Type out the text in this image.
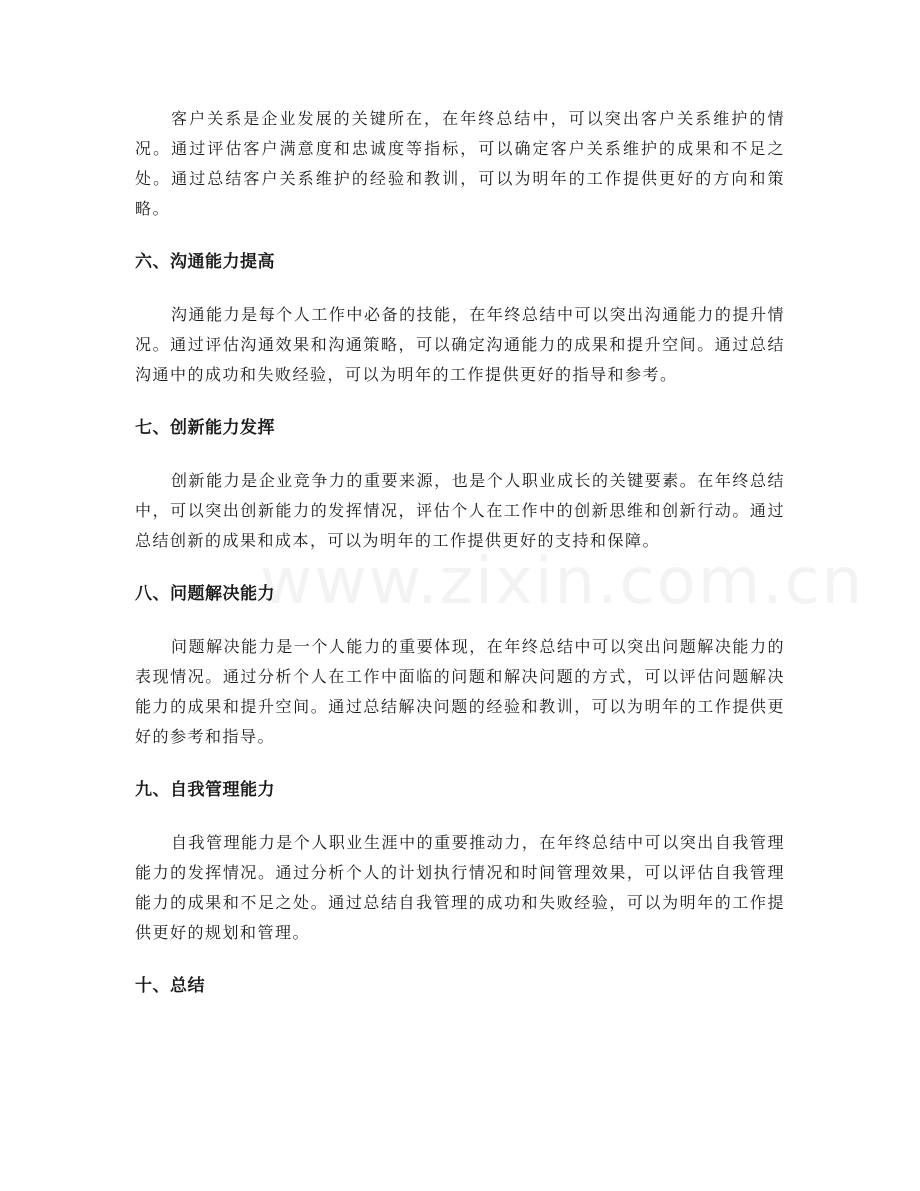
客户关系是企业发展的关键所在，在年终总结中，可以突出客户关系维护的情况。通过评估客户满意度和忠诚度等指标，可以确定客户关系维护的成果和不足之处。通过总结客户关系维护的经验和教训，可以为明年的工作提供更好的方向和策略。

六、沟通能力提高

沟通能力是每个人工作中必备的技能，在年终总结中可以突出沟通能力的提升情况。通过评估沟通效果和沟通策略，可以确定沟通能力的成果和提升空间。通过总结沟通中的成功和失败经验，可以为明年的工作提供更好的指导和参考。

七、创新能力发挥

创新能力是企业竞争力的重要来源，也是个人职业成长的关键要素。在年终总结中，可以突出创新能力的发挥情况，评估个人在工作中的创新思维和创新行动。通过总结创新的成果和成本，可以为明年的工作提供更好的支持和保障。

八、问题解决能力

问题解决能力是一个人能力的重要体现，在年终总结中可以突出问题解决能力的表现情况。通过分析个人在工作中面临的问题和解决问题的方式，可以评估问题解决能力的成果和提升空间。通过总结解决问题的经验和教训，可以为明年的工作提供更好的参考和指导。

九、自我管理能力

自我管理能力是个人职业生涯中的重要推动力，在年终总结中可以突出自我管理能力的发挥情况。通过分析个人的计划执行情况和时间管理效果，可以评估自我管理能力的成果和不足之处。通过总结自我管理的成功和失败经验，可以为明年的工作提供更好的规划和管理。

十、总结
